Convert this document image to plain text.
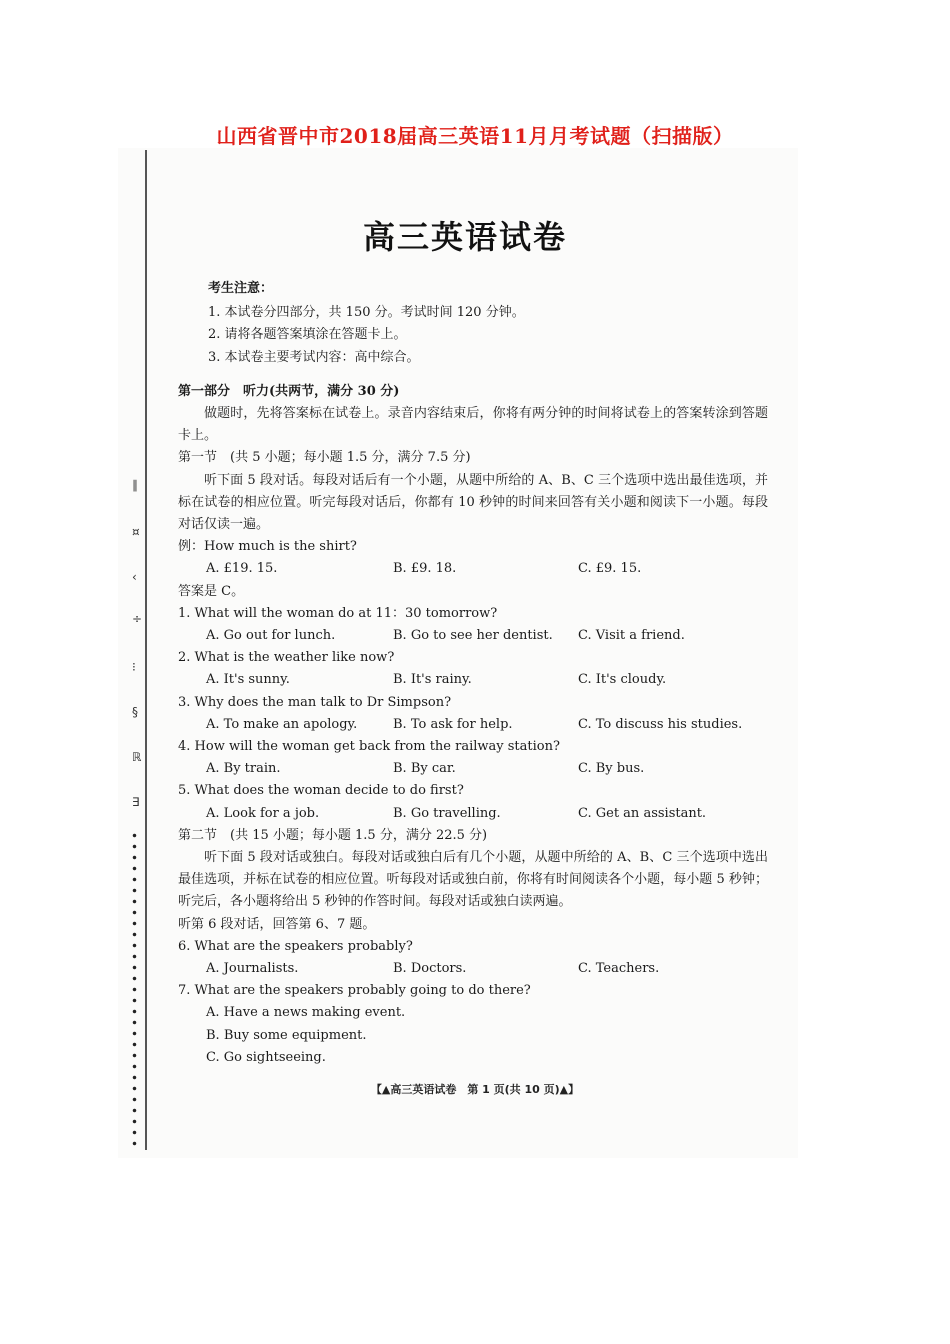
山西省晋中市2018届高三英语11月月考试题（扫描版）
∥
¤
‹
÷
⁝
§
ℝ
∃
高三英语试卷
考生注意：
1. 本试卷分四部分，共 150 分。考试时间 120 分钟。
2. 请将各题答案填涂在答题卡上。
3. 本试卷主要考试内容：高中综合。
第一部分　听力(共两节，满分 30 分)
做题时，先将答案标在试卷上。录音内容结束后，你将有两分钟的时间将试卷上的答案转涂到答题卡上。
第一节　(共 5 小题；每小题 1.5 分，满分 7.5 分)
听下面 5 段对话。每段对话后有一个小题，从题中所给的 A、B、C 三个选项中选出最佳选项，并标在试卷的相应位置。听完每段对话后，你都有 10 秒钟的时间来回答有关小题和阅读下一小题。每段对话仅读一遍。
例：How much is the shirt?
A. £19. 15.	B. £9. 18.	C. £9. 15.
答案是 C。
1. What will the woman do at 11：30 tomorrow?
A. Go out for lunch.	B. Go to see her dentist. C. Visit a friend.
2. What is the weather like now?
A. It's sunny.	B. It's rainy.	C. It's cloudy.
3. Why does the man talk to Dr Simpson?
A. To make an apology.	B. To ask for help.	C. To discuss his studies.
4. How will the woman get back from the railway station?
A. By train.	B. By car.	C. By bus.
5. What does the woman decide to do first?
A. Look for a job.	B. Go travelling.	C. Get an assistant.
第二节　(共 15 小题；每小题 1.5 分，满分 22.5 分)
听下面 5 段对话或独白。每段对话或独白后有几个小题，从题中所给的 A、B、C 三个选项中选出最佳选项，并标在试卷的相应位置。听每段对话或独白前，你将有时间阅读各个小题，每小题 5 秒钟；听完后，各小题将给出 5 秒钟的作答时间。每段对话或独白读两遍。
听第 6 段对话，回答第 6、7 题。
6. What are the speakers probably?
A. Journalists.	B. Doctors.	C. Teachers.
7. What are the speakers probably going to do there?
A. Have a news making event.
B. Buy some equipment.
C. Go sightseeing.
【▲高三英语试卷　第 1 页(共 10 页)▲】
